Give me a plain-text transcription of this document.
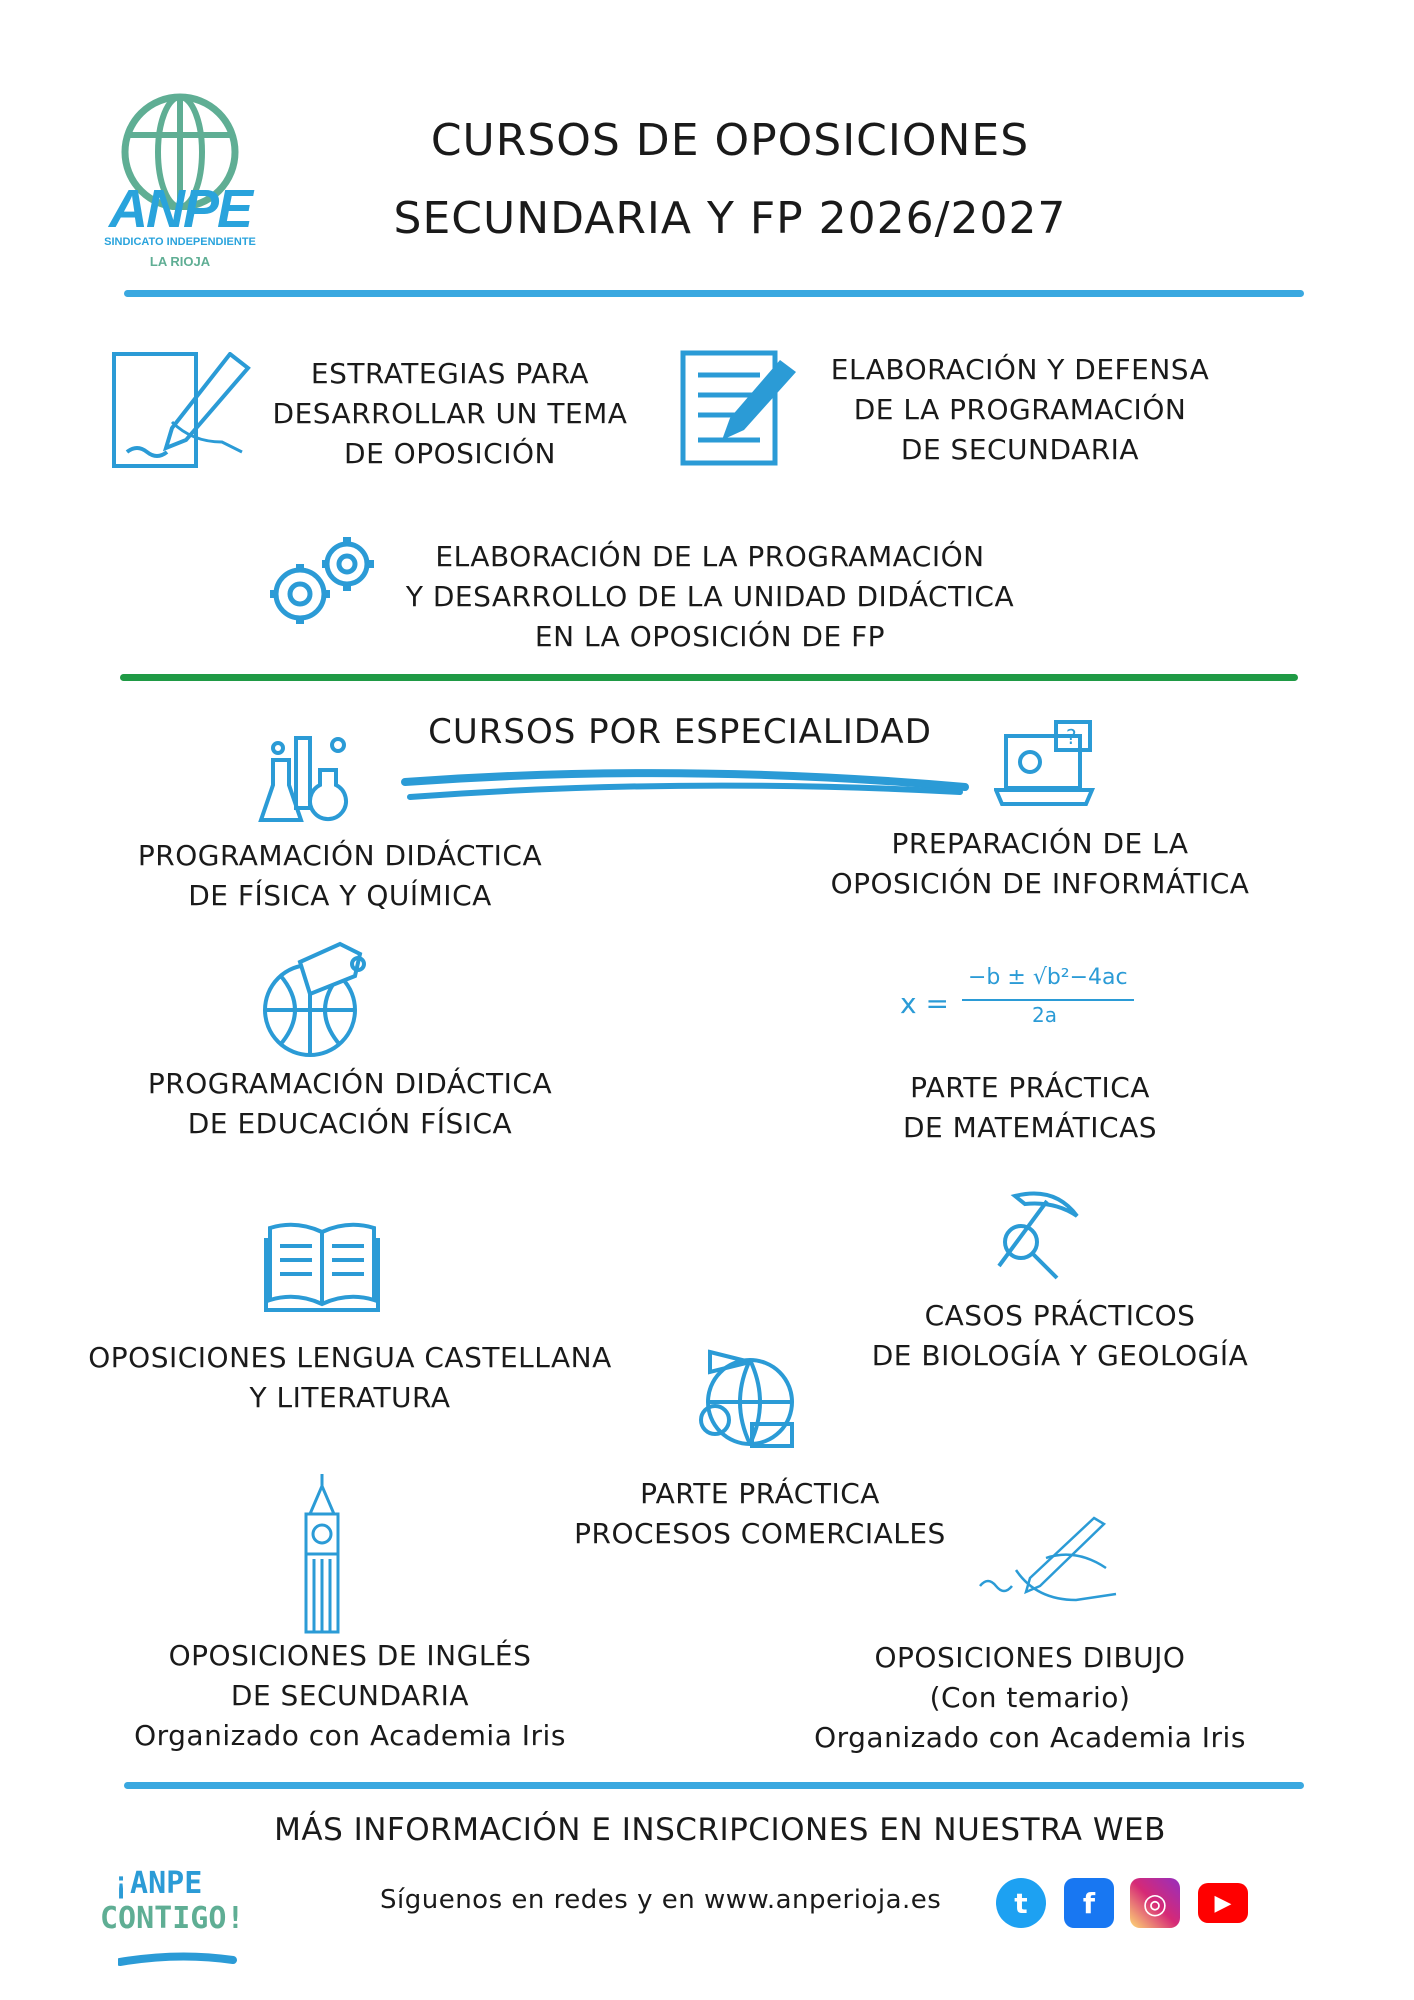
ANPE
SINDICATO INDEPENDIENTE
LA RIOJA
CURSOS DE OPOSICIONES
SECUNDARIA Y FP 2026/2027
ESTRATEGIAS PARA
DESARROLLAR UN TEMA
DE OPOSICIÓN
ELABORACIÓN Y DEFENSA
DE LA PROGRAMACIÓN
DE SECUNDARIA
ELABORACIÓN DE LA PROGRAMACIÓN
Y DESARROLLO DE LA UNIDAD DIDÁCTICA
EN LA OPOSICIÓN DE FP
CURSOS POR ESPECIALIDAD
PROGRAMACIÓN DIDÁCTICA
DE FÍSICA Y QUÍMICA
?
PREPARACIÓN DE LA
OPOSICIÓN DE INFORMÁTICA
PROGRAMACIÓN DIDÁCTICA
DE EDUCACIÓN FÍSICA
x =
−b ± √b²−4ac
2a
PARTE PRÁCTICA
DE MATEMÁTICAS
OPOSICIONES LENGUA CASTELLANA
Y LITERATURA
CASOS PRÁCTICOS
DE BIOLOGÍA Y GEOLOGÍA
PARTE PRÁCTICA
PROCESOS COMERCIALES
OPOSICIONES DE INGLÉS
DE SECUNDARIA
Organizado con Academia Iris
OPOSICIONES DIBUJO
(Con temario)
Organizado con Academia Iris
MÁS INFORMACIÓN E INSCRIPCIONES EN NUESTRA WEB
¡ANPE
CONTIGO!
Síguenos en redes y en www.anperioja.es	t	f	◎	▶
